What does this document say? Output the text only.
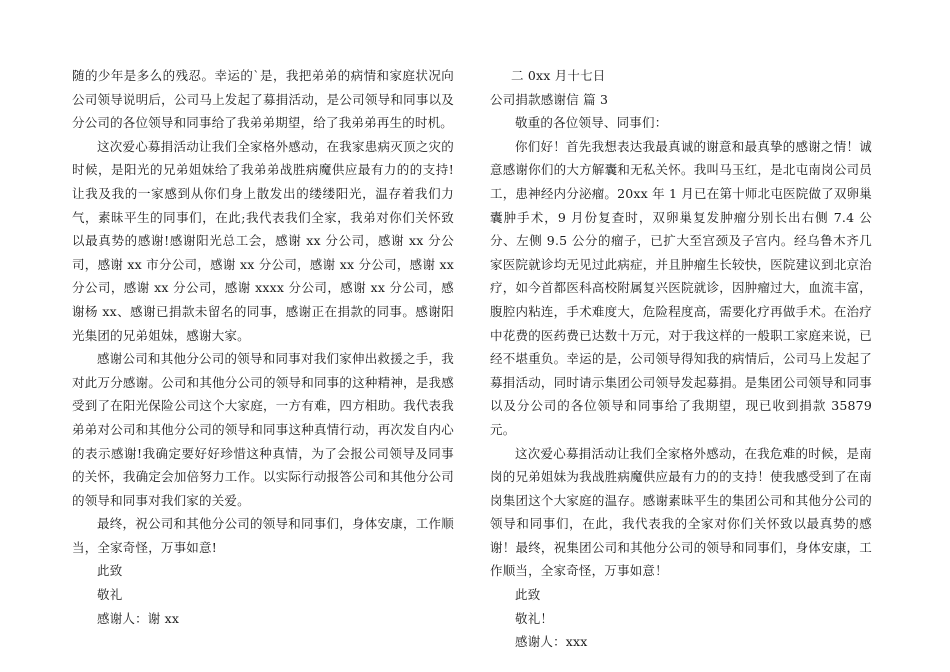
随的少年是多么的残忍。幸运的`是，我把弟弟的病情和家庭状况向公司领导说明后，公司马上发起了募捐活动，是公司领导和同事以及分公司的各位领导和同事给了我弟弟期望，给了我弟弟再生的时机。

这次爱心募捐活动让我们全家格外感动，在我家患病灭顶之灾的时候，是阳光的兄弟姐妹给了我弟弟战胜病魔供应最有力的的支持!让我及我的一家感到从你们身上散发出的缕缕阳光，温存着我们力气，素昧平生的同事们，在此;我代表我们全家，我弟对你们关怀致以最真势的感谢!感谢阳光总工会，感谢 xx 分公司，感谢 xx 分公司，感谢 xx 市分公司，感谢 xx 分公司，感谢 xx 分公司，感谢 xx 分公司，感谢 xx 分公司，感谢 xxxx 分公司，感谢 xx 分公司，感谢杨 xx、感谢已捐款未留名的同事，感谢正在捐款的同事。感谢阳光集团的兄弟姐妹，感谢大家。

感谢公司和其他分公司的领导和同事对我们家伸出救援之手，我对此万分感谢。公司和其他分公司的领导和同事的这种精神，是我感受到了在阳光保险公司这个大家庭，一方有难，四方相助。我代表我弟弟对公司和其他分公司的领导和同事这种真情行动，再次发自内心的表示感谢!我确定要好好珍惜这种真情，为了会报公司领导及同事的关怀，我确定会加倍努力工作。以实际行动报答公司和其他分公司的领导和同事对我们家的关爱。

最终，祝公司和其他分公司的领导和同事们，身体安康，工作顺当，全家奇怪，万事如意!

此致

敬礼

感谢人：谢 xx

二 0xx 月十七日

公司捐款感谢信 篇 3

敬重的各位领导、同事们：

你们好！首先我想表达我最真诚的谢意和最真挚的感谢之情！诚意感谢你们的大方解囊和无私关怀。我叫马玉红，是北屯南岗公司员工，患神经内分泌瘤。20xx 年 1 月已在第十师北屯医院做了双卵巢囊肿手术，9 月份复查时，双卵巢复发肿瘤分别长出右侧 7.4 公分、左侧 9.5 公分的瘤子，已扩大至宫颈及子宫内。经乌鲁木齐几家医院就诊均无见过此病症，并且肿瘤生长较快，医院建议到北京治疗，如今首都医科高校附属复兴医院就诊，因肿瘤过大，血流丰富，腹腔内粘连，手术难度大，危险程度高，需要化疗再做手术。在治疗中花费的医药费已达数十万元，对于我这样的一般职工家庭来说，已经不堪重负。幸运的是，公司领导得知我的病情后，公司马上发起了募捐活动，同时请示集团公司领导发起募捐。是集团公司领导和同事以及分公司的各位领导和同事给了我期望，现已收到捐款 35879 元。

这次爱心募捐活动让我们全家格外感动，在我危难的时候，是南岗的兄弟姐妹为我战胜病魔供应最有力的的支持！使我感受到了在南岗集团这个大家庭的温存。感谢素昧平生的集团公司和其他分公司的领导和同事们，在此，我代表我的全家对你们关怀致以最真势的感谢！最终，祝集团公司和其他分公司的领导和同事们，身体安康，工作顺当，全家奇怪，万事如意！

此致

敬礼！

感谢人：xxx
